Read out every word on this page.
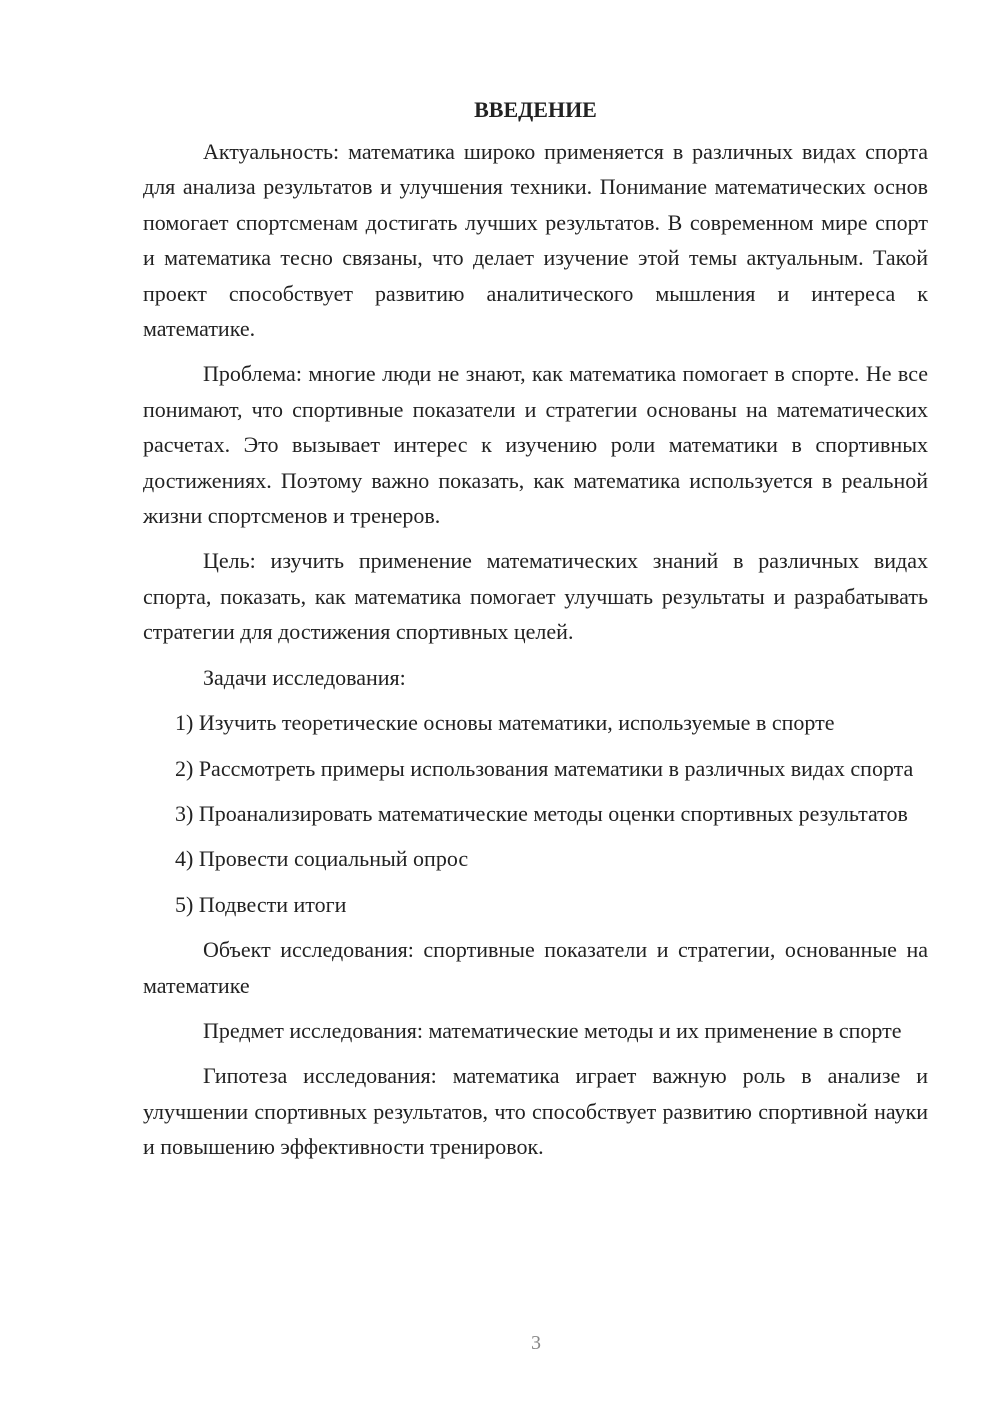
ВВЕДЕНИЕ

Актуальность: математика широко применяется в различных видах спорта для анализа результатов и улучшения техники. Понимание математических основ помогает спортсменам достигать лучших результатов. В современном мире спорт и математика тесно связаны, что делает изучение этой темы актуальным. Такой проект способствует развитию аналитического мышления и интереса к математике.

Проблема: многие люди не знают, как математика помогает в спорте. Не все понимают, что спортивные показатели и стратегии основаны на математических расчетах. Это вызывает интерес к изучению роли математики в спортивных достижениях. Поэтому важно показать, как математика используется в реальной жизни спортсменов и тренеров.

Цель: изучить применение математических знаний в различных видах спорта, показать, как математика помогает улучшать результаты и разрабатывать стратегии для достижения спортивных целей.

Задачи исследования:

1) Изучить теоретические основы математики, используемые в спорте

2) Рассмотреть примеры использования математики в различных видах спорта

3) Проанализировать математические методы оценки спортивных результатов

4) Провести социальный опрос

5) Подвести итоги

Объект исследования: спортивные показатели и стратегии, основанные на математике

Предмет исследования: математические методы и их применение в спорте

Гипотеза исследования: математика играет важную роль в анализе и улучшении спортивных результатов, что способствует развитию спортивной науки и повышению эффективности тренировок.

3
